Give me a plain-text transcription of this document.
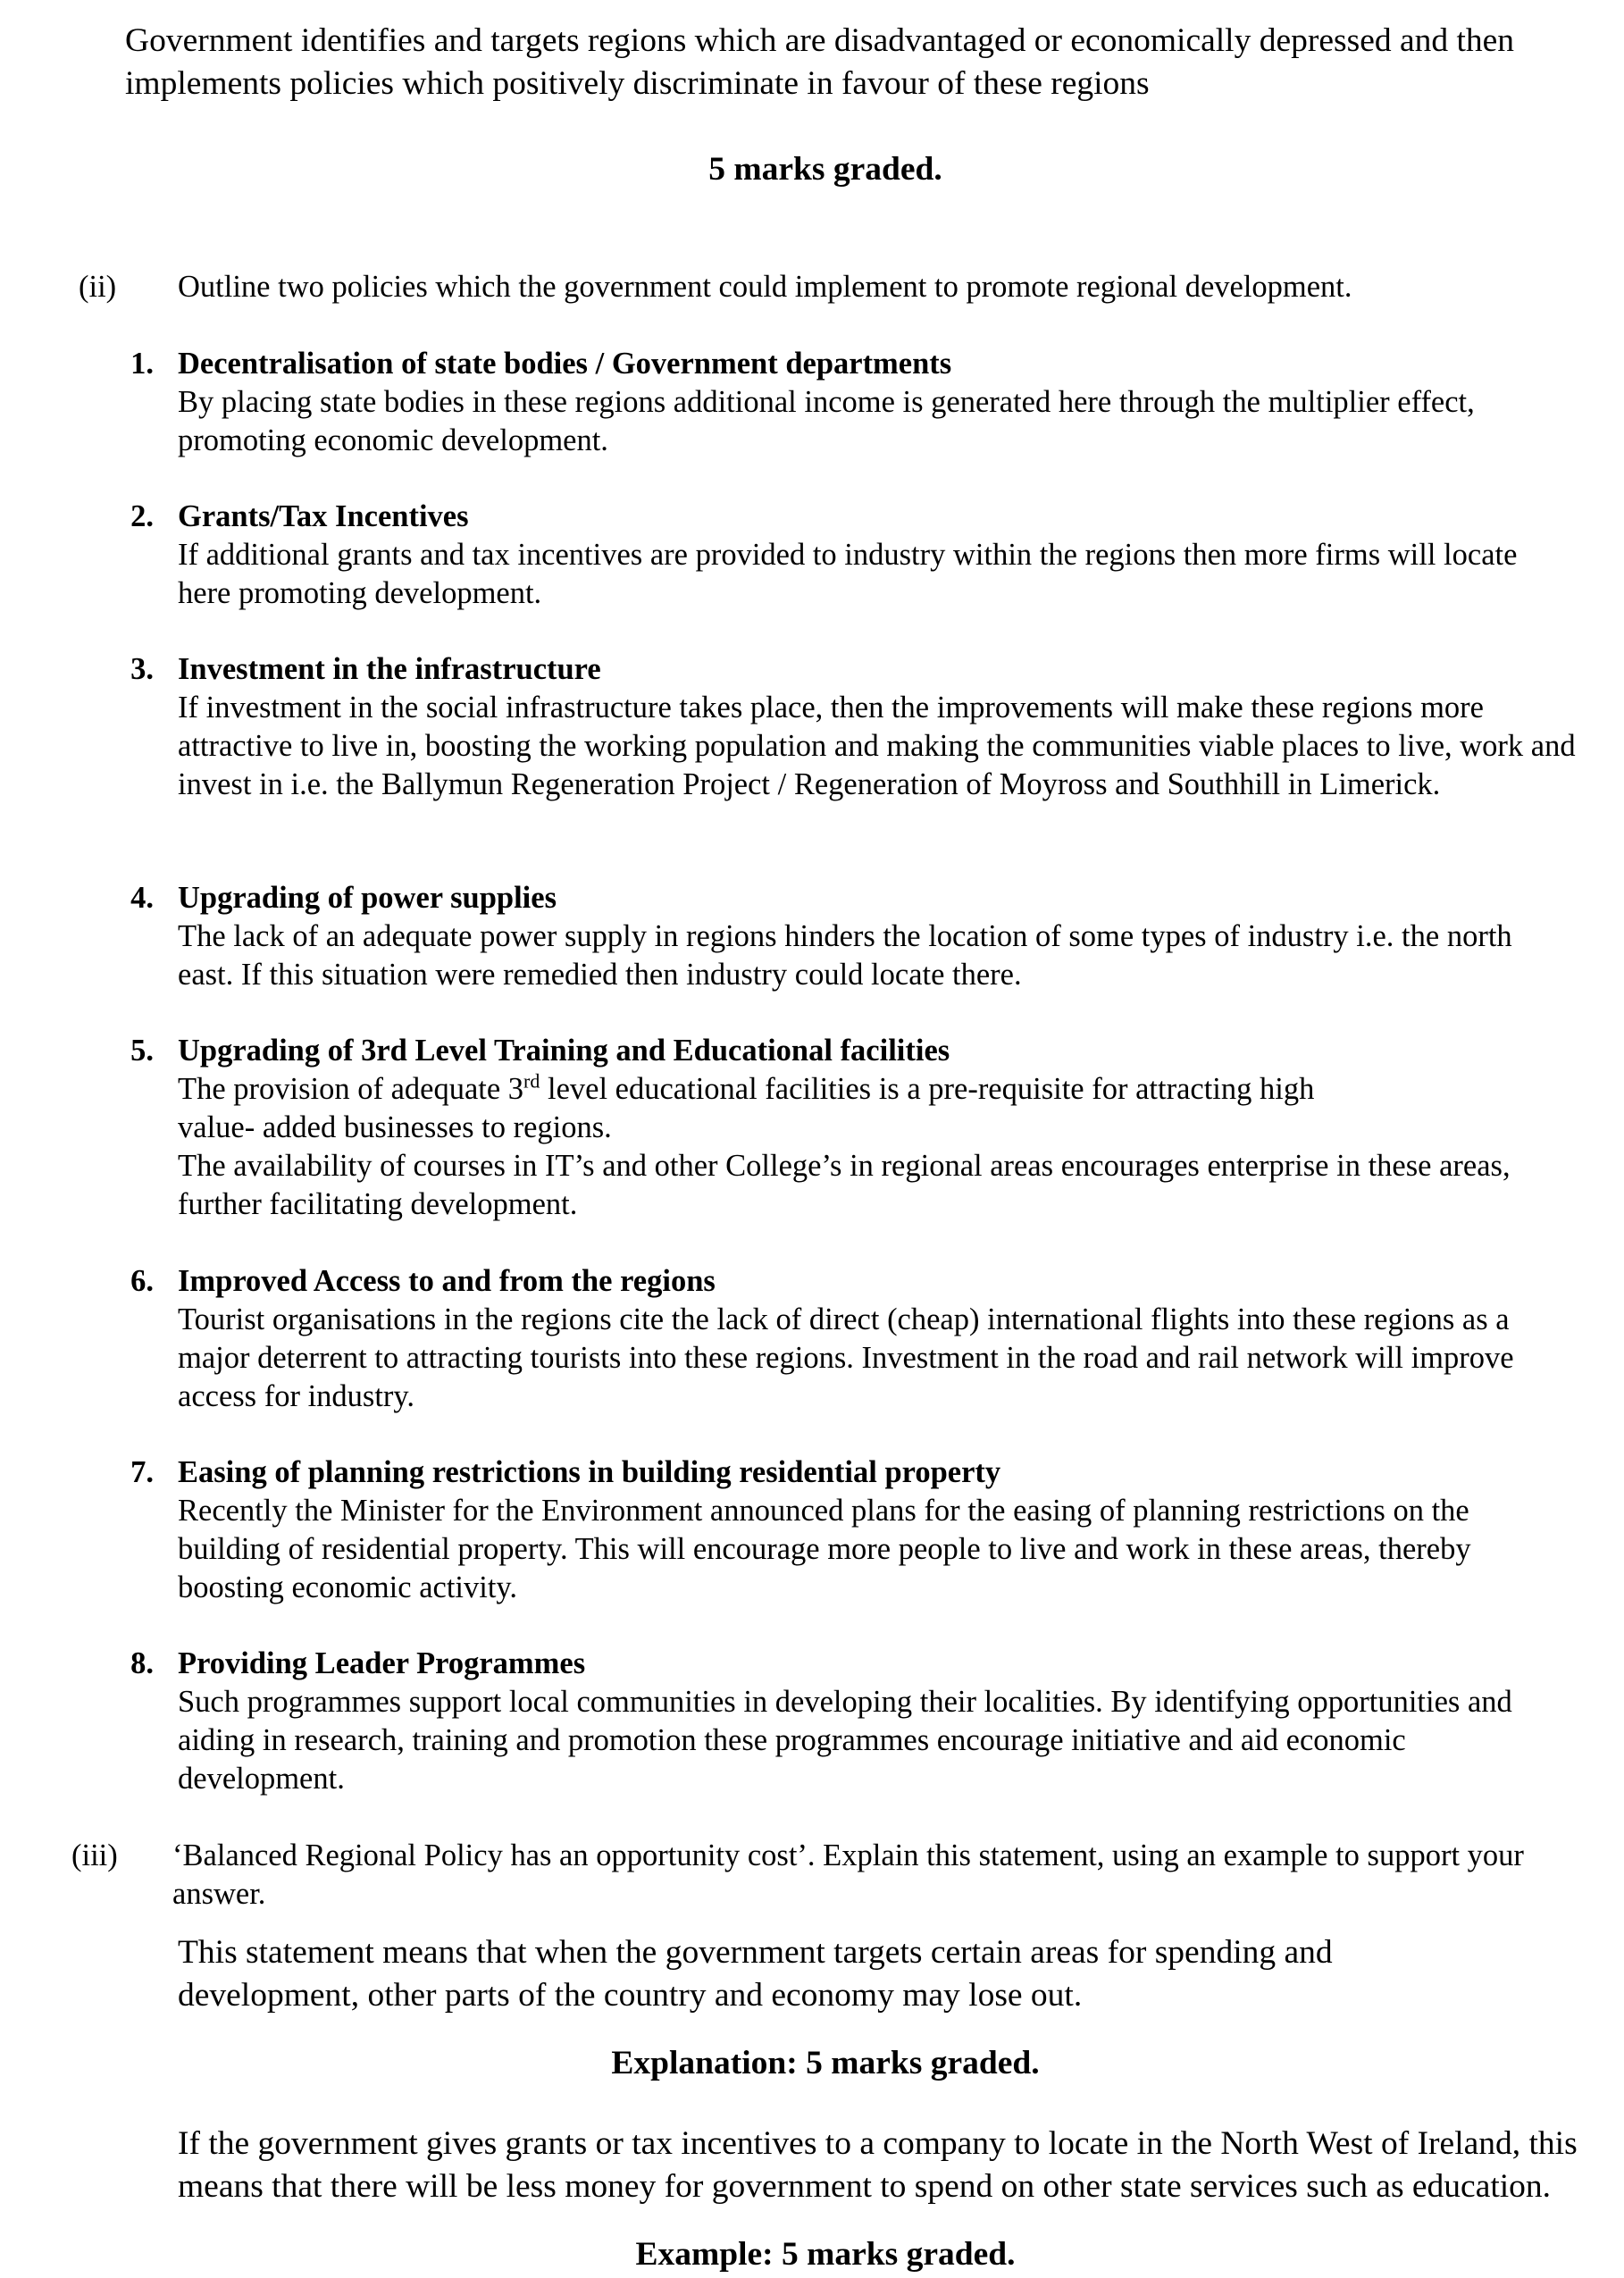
Government identifies and targets regions which are disadvantaged or economically depressed and then implements policies which positively discriminate in favour of these regions

5 marks graded.

(ii) Outline two policies which the government could implement to promote regional development.
1. Decentralisation of state bodies / Government departments
By placing state bodies in these regions additional income is generated here through the multiplier effect, promoting economic development.
2. Grants/Tax Incentives
If additional grants and tax incentives are provided to industry within the regions then more firms will locate here promoting development.
3. Investment in the infrastructure
If investment in the social infrastructure takes place, then the improvements will make these regions more attractive to live in, boosting the working population and making the communities viable places to live, work and invest in i.e. the Ballymun Regeneration Project / Regeneration of Moyross and Southhill in Limerick.
4. Upgrading of power supplies
The lack of an adequate power supply in regions hinders the location of some types of industry i.e. the north east. If this situation were remedied then industry could locate there.
5. Upgrading of 3rd Level Training and Educational facilities
The provision of adequate 3rd level educational facilities is a pre-requisite for attracting high
value- added businesses to regions.
The availability of courses in IT’s and other College’s in regional areas encourages enterprise in these areas, further facilitating development.
6. Improved Access to and from the regions
Tourist organisations in the regions cite the lack of direct (cheap) international flights into these regions as a major deterrent to attracting tourists into these regions. Investment in the road and rail network will improve access for industry.
7. Easing of planning restrictions in building residential property
Recently the Minister for the Environment announced plans for the easing of planning restrictions on the building of residential property. This will encourage more people to live and work in these areas, thereby boosting economic activity.
8. Providing Leader Programmes
Such programmes support local communities in developing their localities. By identifying opportunities and aiding in research, training and promotion these programmes encourage initiative and aid economic development.
(iii) ‘Balanced Regional Policy has an opportunity cost’. Explain this statement, using an example to support your answer.

This statement means that when the government targets certain areas for spending and development, other parts of the country and economy may lose out.

Explanation: 5 marks graded.

If the government gives grants or tax incentives to a company to locate in the North West of Ireland, this means that there will be less money for government to spend on other state services such as education.

Example: 5 marks graded.
